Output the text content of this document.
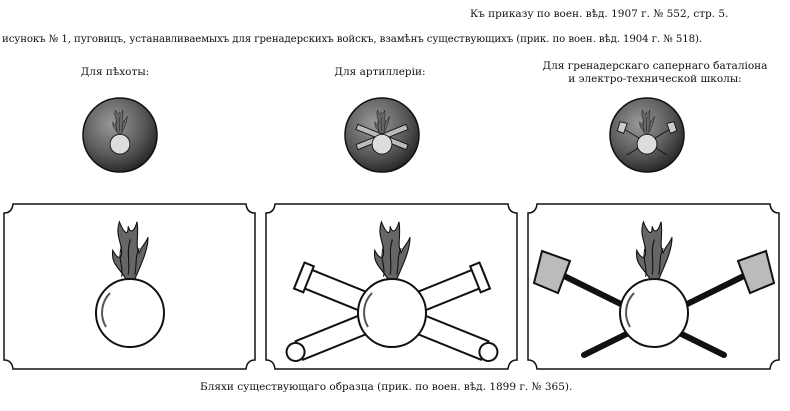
Къ приказу по воен. вѣд. 1907 г. № 552, стр. 5.
исунокъ № 1, пуговицъ, устанавливаемыхъ для гренадерскихъ войскъ, взамѣнъ существующихъ (прик. по воен. вѣд. 1904 г. № 518).
Для пѣхоты:	Для артиллеріи:	Для гренадерскаго сапернаго баталіона
и электро-технической школы:
Бляхи существующаго образца (прик. по воен. вѣд. 1899 г. № 365).
